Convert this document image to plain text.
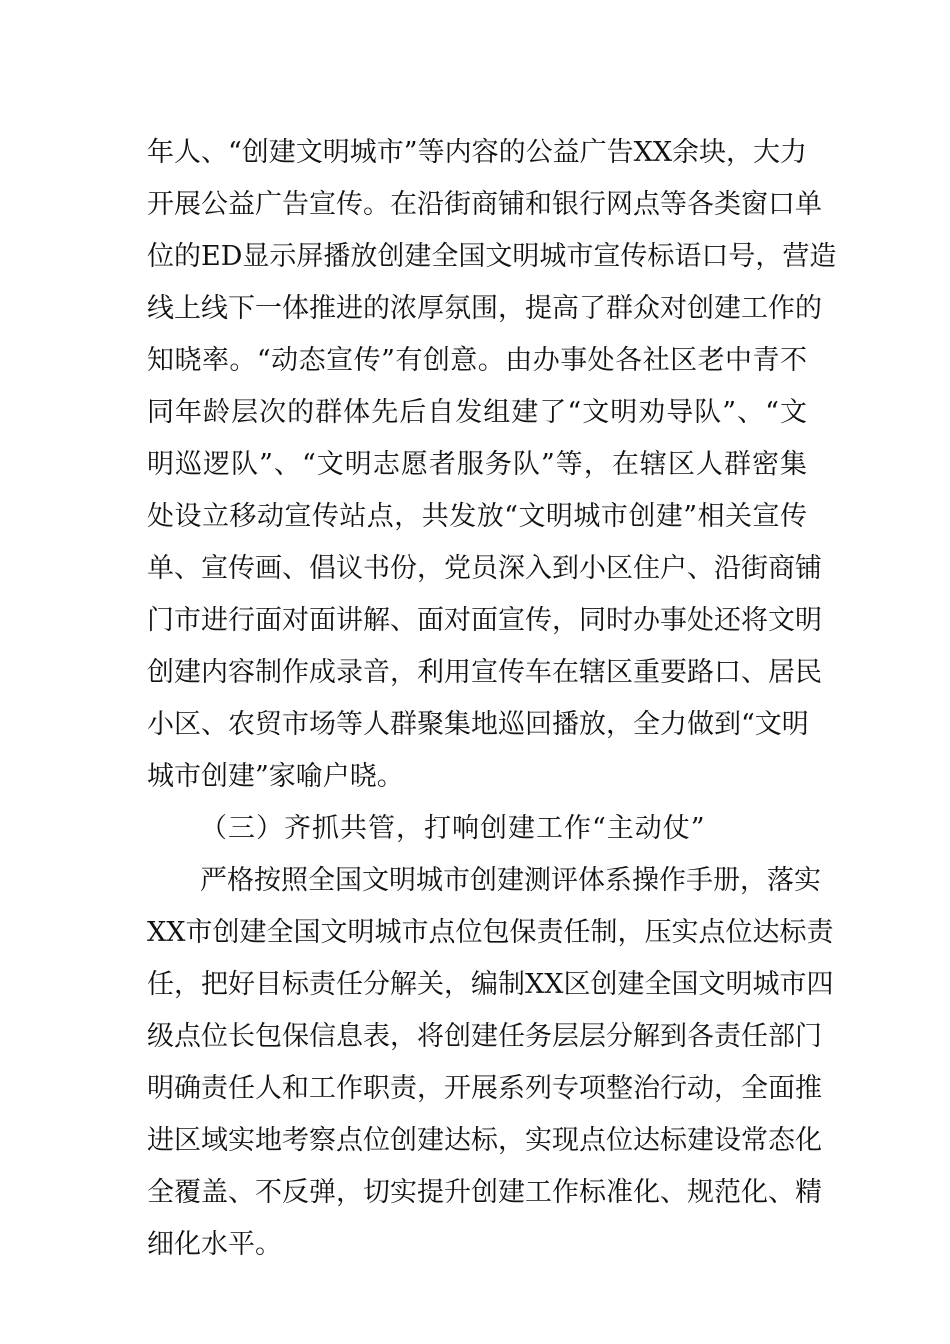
年人、“创建文明城市”等内容的公益广告XX余块，大力
开展公益广告宣传。在沿街商铺和银行网点等各类窗口单
位的ED显示屏播放创建全国文明城市宣传标语口号，营造
线上线下一体推进的浓厚氛围，提高了群众对创建工作的
知晓率。“动态宣传”有创意。由办事处各社区老中青不
同年龄层次的群体先后自发组建了“文明劝导队”、“文
明巡逻队”、“文明志愿者服务队”等，在辖区人群密集
处设立移动宣传站点，共发放“文明城市创建”相关宣传
单、宣传画、倡议书份，党员深入到小区住户、沿街商铺
门市进行面对面讲解、面对面宣传，同时办事处还将文明
创建内容制作成录音，利用宣传车在辖区重要路口、居民
小区、农贸市场等人群聚集地巡回播放，全力做到“文明
城市创建”家喻户晓。
（三）齐抓共管，打响创建工作“主动仗”
严格按照全国文明城市创建测评体系操作手册，落实
XX市创建全国文明城市点位包保责任制，压实点位达标责
任，把好目标责任分解关，编制XX区创建全国文明城市四
级点位长包保信息表，将创建任务层层分解到各责任部门
明确责任人和工作职责，开展系列专项整治行动，全面推
进区域实地考察点位创建达标，实现点位达标建设常态化
全覆盖、不反弹，切实提升创建工作标准化、规范化、精
细化水平。
